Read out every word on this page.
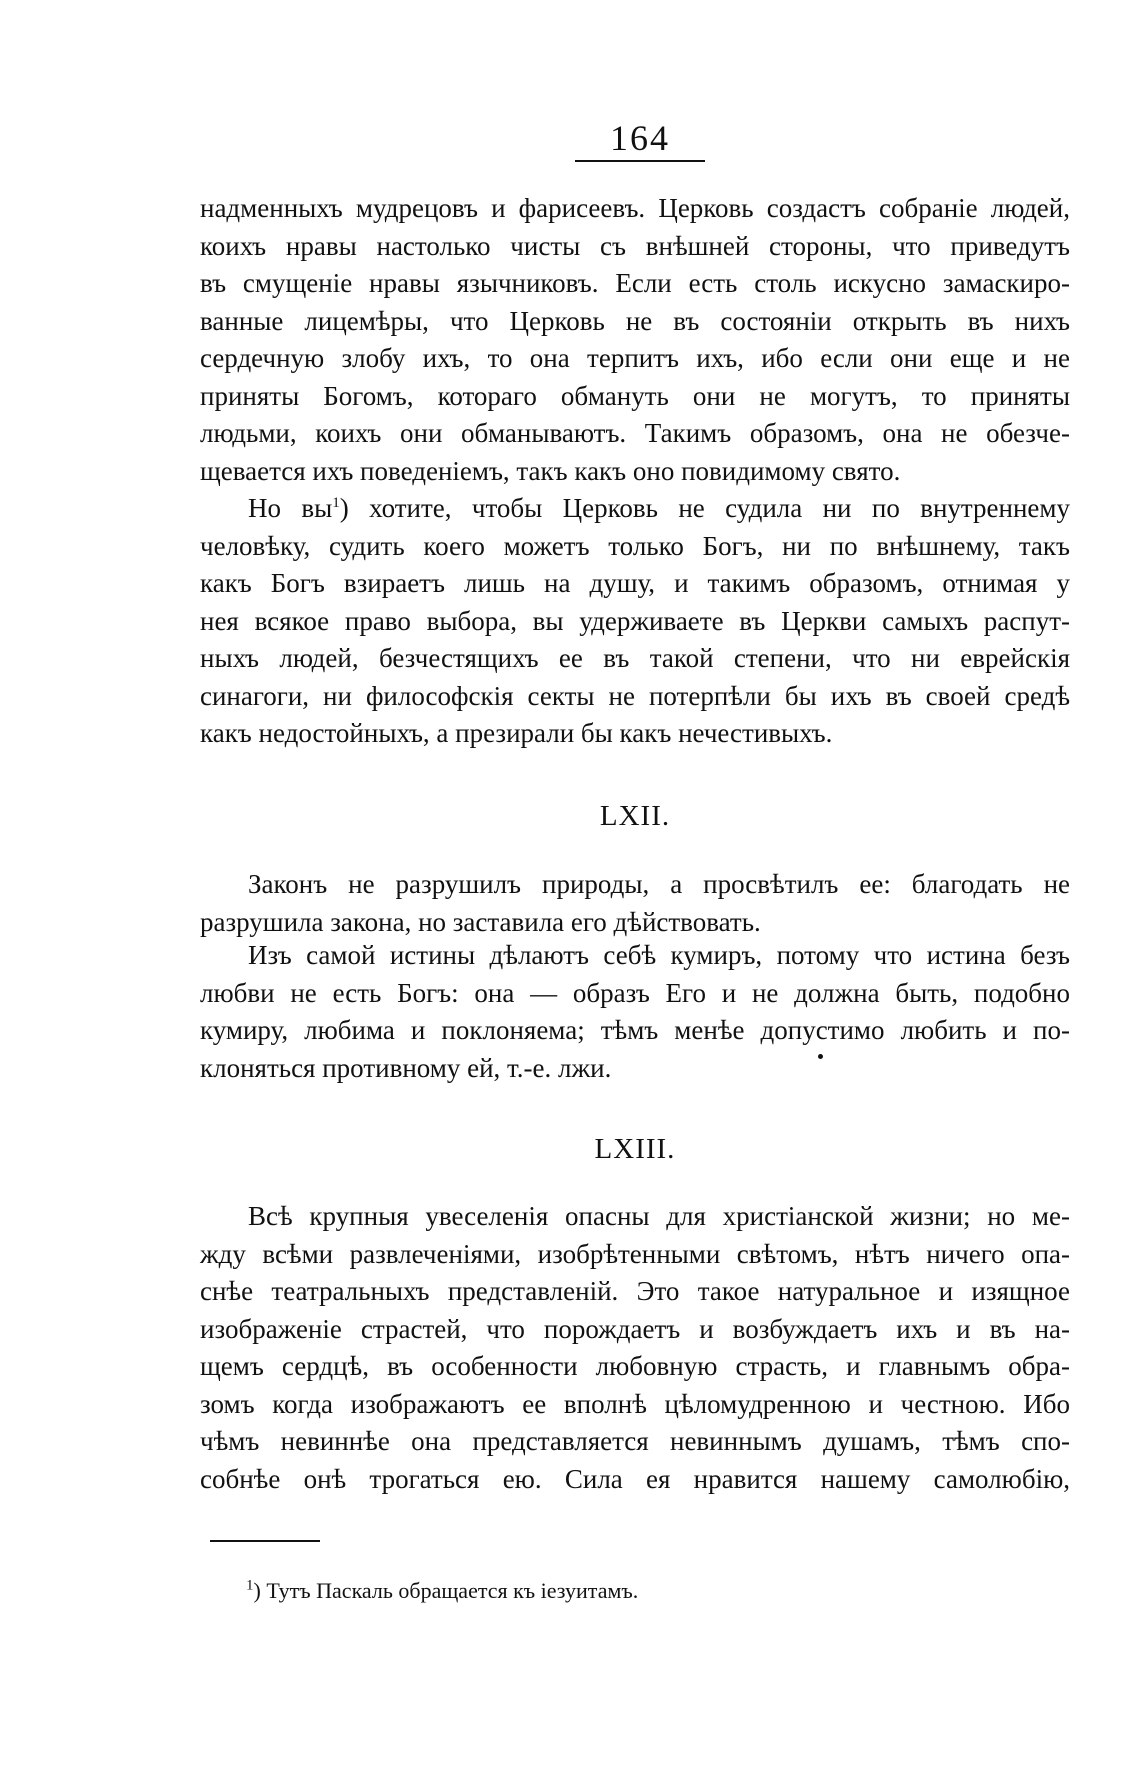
164
надменныхъ мудрецовъ и фарисеевъ. Церковь создастъ собраніе людей,
коихъ нравы настолько чисты съ внѣшней стороны, что приведутъ
въ смущеніе нравы язычниковъ. Если есть столь искусно замаскиро-
ванные лицемѣры, что Церковь не въ состояніи открыть въ нихъ
сердечную злобу ихъ, то она терпитъ ихъ, ибо если они еще и не
приняты Богомъ, котораго обмануть они не могутъ, то приняты
людьми, коихъ они обманываютъ. Такимъ образомъ, она не обезче-
щевается ихъ поведеніемъ, такъ какъ оно повидимому свято.
Но $вы^1$) хотите, чтобы Церковь не судила ни по внутреннему
человѣку, судить коего можетъ только Богъ, ни по внѣшнему, такъ
какъ Богъ взираетъ лишь на душу, и такимъ образомъ, отнимая у
нея всякое право выбора, вы удерживаете въ Церкви самыхъ распут-
ныхъ людей, безчестящихъ ее въ такой степени, что ни еврейскія
синагоги, ни философскія секты не потерпѣли бы ихъ въ своей средѣ
какъ недостойныхъ, а презирали бы какъ нечестивыхъ.
LXII.
Законъ не разрушилъ природы, а просвѣтилъ ее: благодать не
разрушила закона, но заставила его дѣйствовать.
Изъ самой истины дѣлаютъ себѣ кумиръ, потому что истина безъ
любви не есть Богъ: она — образъ Его и не должна быть, подобно
кумиру, любима и поклоняема; тѣмъ менѣе допустимо любить и по-
клоняться противному ей, т.-е. лжи.
LXIII.
Всѣ крупныя увеселенія опасны для христіанской жизни; но ме-
жду всѣми развлеченіями, изобрѣтенными свѣтомъ, нѣтъ ничего опа-
снѣе театральныхъ представленій. Это такое натуральное и изящное
изображеніе страстей, что порождаетъ и возбуждаетъ ихъ и въ на-
щемъ сердцѣ, въ особенности любовную страсть, и главнымъ обра-
зомъ когда изображаютъ ее вполнѣ цѣломудренною и честною. Ибо
чѣмъ невиннѣе она представляется невиннымъ душамъ, тѣмъ спо-
собнѣе онѣ трогаться ею. Сила ея нравится нашему самолюбію,
$^1$) Тутъ Паскаль обращается къ іезуитамъ.
